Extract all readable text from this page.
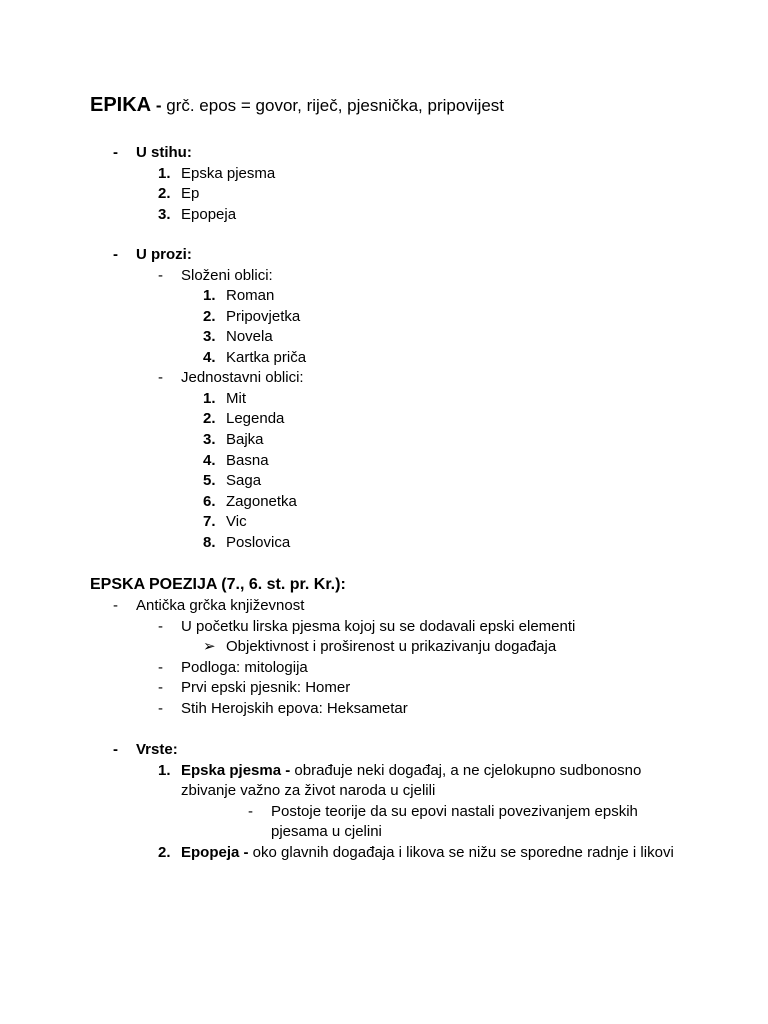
EPIKA - grč. epos = govor, riječ, pjesnička, pripovijest
- U stihu:
1. Epska pjesma
2. Ep
3. Epopeja
- U prozi:
- Složeni oblici:
1. Roman
2. Pripovjetka
3. Novela
4. Kartka priča
- Jednostavni oblici:
1. Mit
2. Legenda
3. Bajka
4. Basna
5. Saga
6. Zagonetka
7. Vic
8. Poslovica
EPSKA POEZIJA (7., 6. st. pr. Kr.):
- Antička grčka književnost
- U početku lirska pjesma kojoj su se dodavali epski elementi
➢ Objektivnost i proširenost u prikazivanju događaja
- Podloga: mitologija
- Prvi epski pjesnik: Homer
- Stih Herojskih epova: Heksametar
- Vrste:
1. Epska pjesma - obrađuje neki događaj, a ne cjelokupno sudbonosno
zbivanje važno za život naroda u cjelili
- Postoje teorije da su epovi nastali povezivanjem epskih
pjesama u cjelini
2. Epopeja - oko glavnih događaja i likova se nižu se sporedne radnje i likovi
